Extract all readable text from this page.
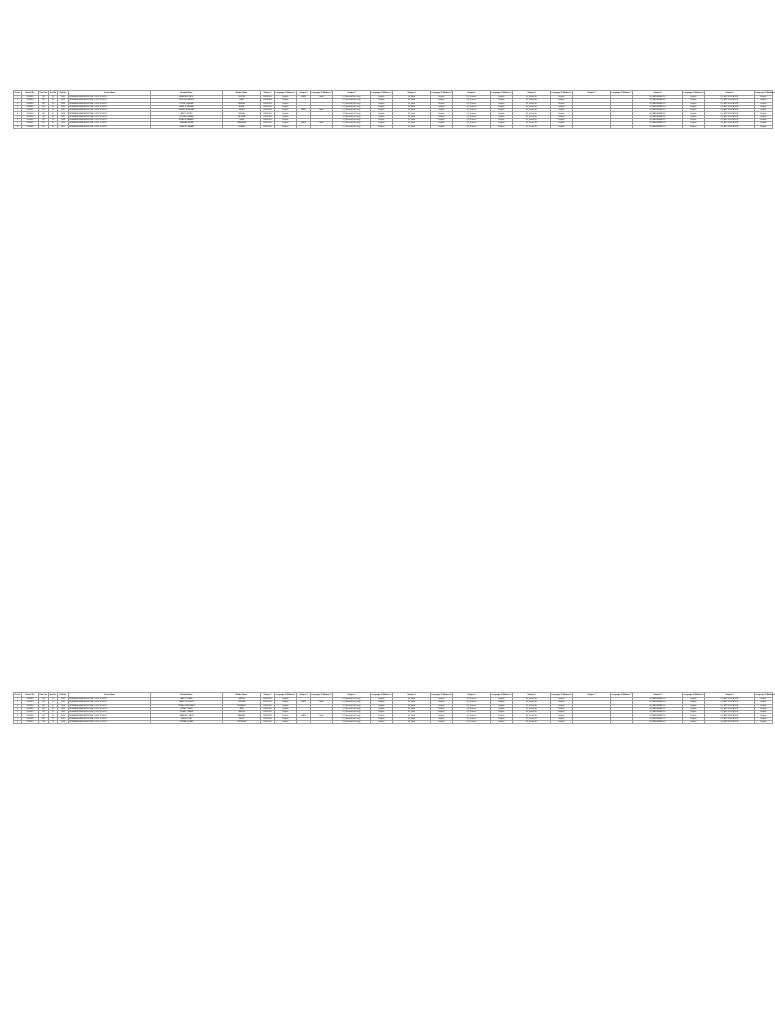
Sr. No.	School No.	Class No.	Sec No.	Roll No.	Centre Name	Student Name	Mother Name	Subject 1	Language Of Medium 1	Subject 2	Language Of Medium 2	Subject 3	Language Of Medium 3	Subject 4	Language Of Medium 4	Subject 5	Language Of Medium 5	Subject 6	Language Of Medium 6	Subject 7	Language Of Medium 7	Subject 8	Language Of Medium 8	Subject 9	Language Of Medium 9
1	2034401	101	A	1001	BRIHANMUMBAI MUNICIPAL CORP SCHOOL	ANANYA S PATIL	SUNITA	ENGLISH	English	HINDI	Hindi	01_Marathi(2nd Lang)	English	02_Hindi	English	04_Science	English	05_Social Sci	English			08_MATHEMATICS	English	09_ART EDUCATION	English
2	2034401	101	A	1002	BRIHANMUMBAI MUNICIPAL CORP SCHOOL	ROHIT M SHINDE	LATA	ENGLISH	English			01_Marathi(2nd Lang)	English	02_Hindi	English	04_Science	English	05_Social Sci	English			08_MATHEMATICS	English	09_ART EDUCATION	English
3	2034401	101	A	1003	BRIHANMUMBAI MUNICIPAL CORP SCHOOL	PRIYA D KADAM	MEENA	ENGLISH	English			01_Marathi(2nd Lang)	English	02_Hindi	English	04_Science	English	05_Social Sci	English			08_MATHEMATICS	English	09_ART EDUCATION	English
4	2034401	101	A	1004	BRIHANMUMBAI MUNICIPAL CORP SCHOOL	SAHIL R JADHAV	ASHA	ENGLISH	English			01_Marathi(2nd Lang)	English	02_Hindi	English	04_Science	English	05_Social Sci	English			08_MATHEMATICS	English	09_ART EDUCATION	English
5	2034401	101	A	1005	BRIHANMUMBAI MUNICIPAL CORP SCHOOL	NEHA P GAIKWAD	KAVITA	ENGLISH	English	HINDI	Hindi	01_Marathi(2nd Lang)	English	02_Hindi	English	04_Science	English	05_Social Sci	English			08_MATHEMATICS	English	09_ART EDUCATION	English
6	2034401	101	A	1006	BRIHANMUMBAI MUNICIPAL CORP SCHOOL	AMIT K MORE	REKHA	ENGLISH	English			01_Marathi(2nd Lang)	English	02_Hindi	English	04_Science	English	05_Social Sci	English			08_MATHEMATICS	English	09_ART EDUCATION	English
7	2034401	101	A	1007	BRIHANMUMBAI MUNICIPAL CORP SCHOOL	POOJA V PAWAR	SHOBHA	ENGLISH	English			01_Marathi(2nd Lang)	English	02_Hindi	English	04_Science	English	05_Social Sci	English			08_MATHEMATICS	English	09_ART EDUCATION	English
8	2034401	101	A	1008	BRIHANMUMBAI MUNICIPAL CORP SCHOOL	KIRAN S SAWANT	USHA	ENGLISH	English			01_Marathi(2nd Lang)	English	02_Hindi	English	04_Science	English	05_Social Sci	English			08_MATHEMATICS	English	09_ART EDUCATION	English
9	2034401	101	A	1009	BRIHANMUMBAI MUNICIPAL CORP SCHOOL	SNEHA A DESAI	VANDANA	ENGLISH	English	HINDI	Hindi	01_Marathi(2nd Lang)	English	02_Hindi	English	04_Science	English	05_Social Sci	English			08_MATHEMATICS	English	09_ART EDUCATION	English
10	2034401	101	A	1010	BRIHANMUMBAI MUNICIPAL CORP SCHOOL	VIKAS N CHAVAN	SUMAN	ENGLISH	English			01_Marathi(2nd Lang)	English	02_Hindi	English	04_Science	English	05_Social Sci	English			08_MATHEMATICS	English	09_ART EDUCATION	English
Sr. No.	School No.	Class No.	Sec No.	Roll No.	Centre Name	Student Name	Mother Name	Subject 1	Language Of Medium 1	Subject 2	Language Of Medium 2	Subject 3	Language Of Medium 3	Subject 4	Language Of Medium 4	Subject 5	Language Of Medium 5	Subject 6	Language Of Medium 6	Subject 7	Language Of Medium 7	Subject 8	Language Of Medium 8	Subject 9	Language Of Medium 9
1	2034401	102	B	2001	BRIHANMUMBAI MUNICIPAL CORP SCHOOL	AARTI G NAIK	SAVITA	ENGLISH	English			01_Marathi(2nd Lang)	English	02_Hindi	English	04_Science	English	05_Social Sci	English			08_MATHEMATICS	English	09_ART EDUCATION	English
2	2034401	102	B	2002	BRIHANMUMBAI MUNICIPAL CORP SCHOOL	MANOJ B SURVE	PUSHPA	ENGLISH	English	HINDI	Hindi	01_Marathi(2nd Lang)	English	02_Hindi	English	04_Science	English	05_Social Sci	English			08_MATHEMATICS	English	09_ART EDUCATION	English
3	2034401	102	B	2003	BRIHANMUMBAI MUNICIPAL CORP SCHOOL	DIPALI H BHOSALE	NIRMALA	ENGLISH	English			01_Marathi(2nd Lang)	English	02_Hindi	English	04_Science	English	05_Social Sci	English			08_MATHEMATICS	English	09_ART EDUCATION	English
4	2034401	102	B	2004	BRIHANMUMBAI MUNICIPAL CORP SCHOOL	SURAJ T KALE	JAYA	ENGLISH	English			01_Marathi(2nd Lang)	English	02_Hindi	English	04_Science	English	05_Social Sci	English			08_MATHEMATICS	English	09_ART EDUCATION	English
5	2034401	102	B	2005	BRIHANMUMBAI MUNICIPAL CORP SCHOOL	RUPALI J MANE	SARITA	ENGLISH	English			01_Marathi(2nd Lang)	English	02_Hindi	English	04_Science	English	05_Social Sci	English			08_MATHEMATICS	English	09_ART EDUCATION	English
6	2034401	102	B	2006	BRIHANMUMBAI MUNICIPAL CORP SCHOOL	GANESH L SALVI	MANGAL	ENGLISH	English	HINDI	Hindi	01_Marathi(2nd Lang)	English	02_Hindi	English	04_Science	English	05_Social Sci	English			08_MATHEMATICS	English	09_ART EDUCATION	English
7	2034401	102	B	2007	BRIHANMUMBAI MUNICIPAL CORP SCHOOL	TANVI R LAD	ALKA	ENGLISH	English			01_Marathi(2nd Lang)	English	02_Hindi	English	04_Science	English	05_Social Sci	English			08_MATHEMATICS	English	09_ART EDUCATION	English
8	2034401	102	B	2008	BRIHANMUMBAI MUNICIPAL CORP SCHOOL	OMKAR S RANE	SUREKHA	ENGLISH	English			01_Marathi(2nd Lang)	English	02_Hindi	English	04_Science	English	05_Social Sci	English			08_MATHEMATICS	English	09_ART EDUCATION	English
